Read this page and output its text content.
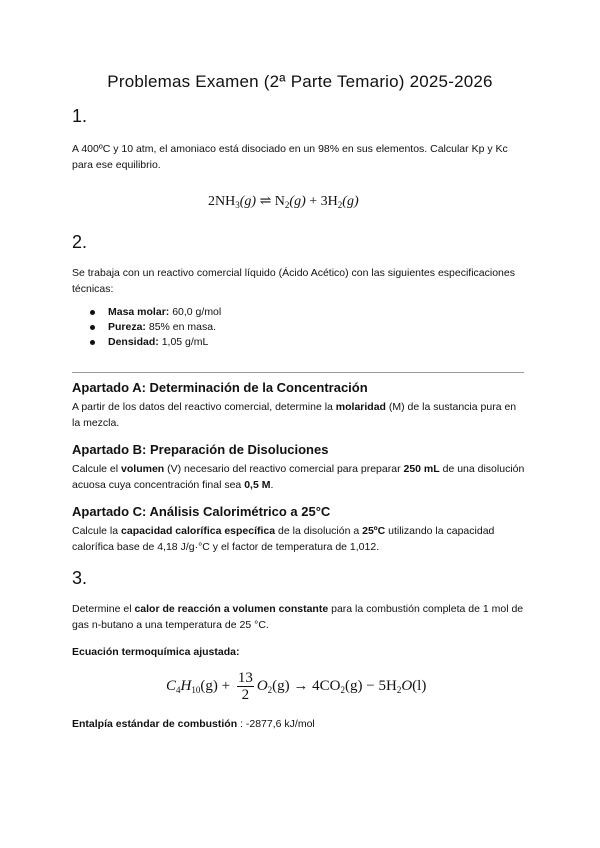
Problemas Examen (2ª Parte Temario) 2025-2026
1.
A 400ºC y 10 atm, el amoniaco está disociado en un 98% en sus elementos. Calcular Kp y Kc para ese equilibrio.
$2NH_3(g)$ ⇌ $N_2(g) + 3H_2(g)$
2.
Se trabaja con un reactivo comercial líquido (Ácido Acético) con las siguientes especificaciones técnicas:
Masa molar: 60,0 g/mol
Pureza: 85% en masa.
Densidad: 1,05 g/mL
Apartado A: Determinación de la Concentración
A partir de los datos del reactivo comercial, determine la molaridad (M) de la sustancia pura en la mezcla.
Apartado B: Preparación de Disoluciones
Calcule el volumen (V) necesario del reactivo comercial para preparar 250 mL de una disolución acuosa cuya concentración final sea 0,5 M.
Apartado C: Análisis Calorimétrico a 25°C
Calcule la capacidad calorífica específica de la disolución a 25ºC utilizando la capacidad calorífica base de 4,18 J/g·°C y el factor de temperatura de 1,012.
3.
Determine el calor de reacción a volumen constante para la combustión completa de 1 mol de gas n-butano a una temperatura de 25 °C.
Ecuación termoquímica ajustada:
$C_4H_{10}(g) + \frac{13}{2} O_2(g) \to 4CO_2(g) - 5H_2O(l)$
Entalpía estándar de combustión : -2877,6 kJ/mol
